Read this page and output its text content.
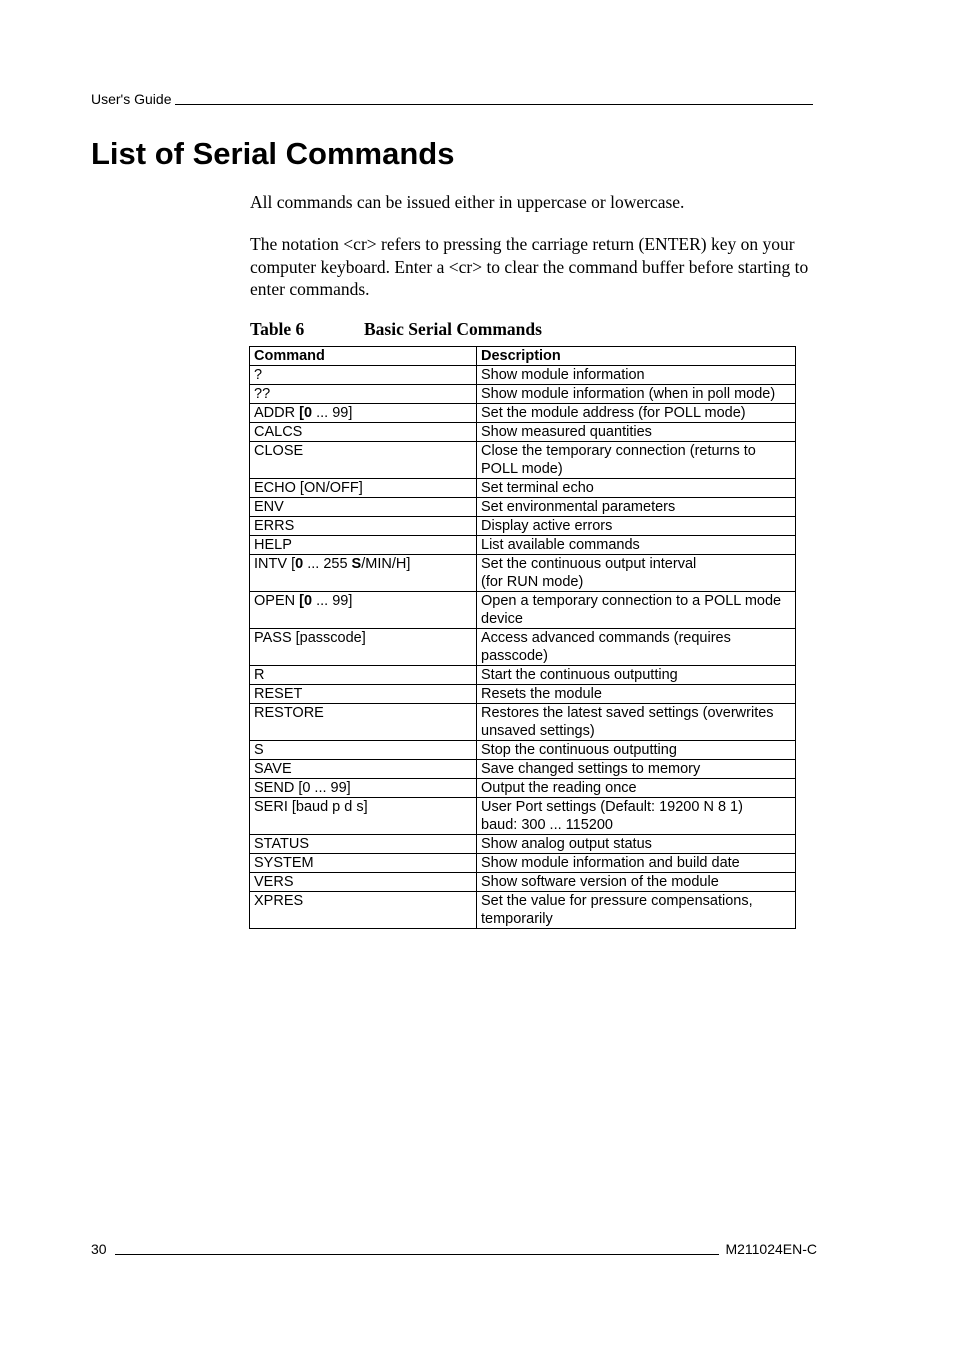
User's Guide
List of Serial Commands

All commands can be issued either in uppercase or lowercase.

The notation <cr> refers to pressing the carriage return (ENTER) key on your computer keyboard. Enter a <cr> to clear the command buffer before starting to enter commands.

Table 6	Basic Serial Commands
Command	Description
?	Show module information
??	Show module information (when in poll mode)
ADDR [0 ... 99]	Set the module address (for POLL mode)
CALCS	Show measured quantities
CLOSE	Close the temporary connection (returns to POLL mode)
ECHO [ON/OFF]	Set terminal echo
ENV	Set environmental parameters
ERRS	Display active errors
HELP	List available commands
INTV [0 ... 255 S/MIN/H]	Set the continuous output interval
(for RUN mode)
OPEN [0 ... 99]	Open a temporary connection to a POLL mode device
PASS [passcode]	Access advanced commands (requires passcode)
R	Start the continuous outputting
RESET	Resets the module
RESTORE	Restores the latest saved settings (overwrites unsaved settings)
S	Stop the continuous outputting
SAVE	Save changed settings to memory
SEND [0 ... 99]	Output the reading once
SERI [baud p d s]	User Port settings (Default: 19200 N 8 1)
baud: 300 ... 115200
STATUS	Show analog output status
SYSTEM	Show module information and build date
VERS	Show software version of the module
XPRES	Set the value for pressure compensations, temporarily
30	M211024EN-C
